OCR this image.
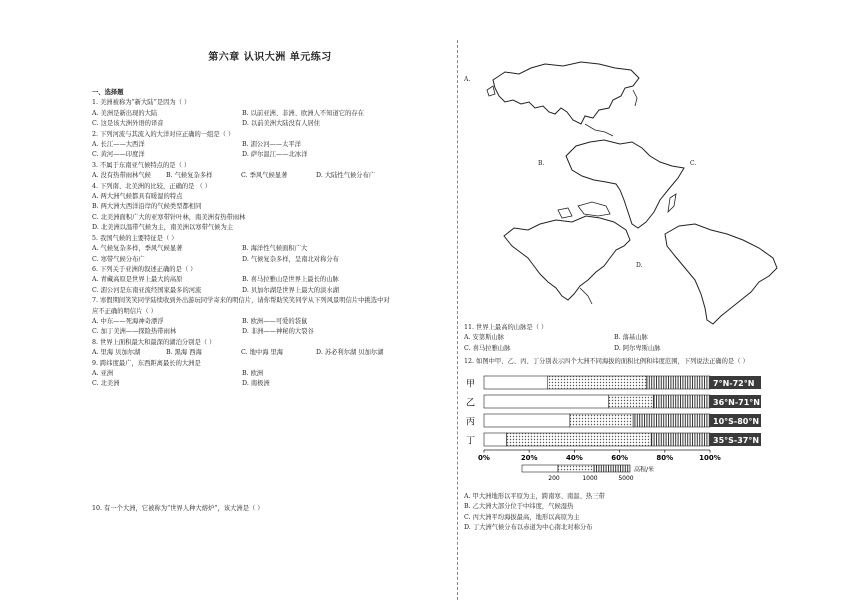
第六章 认识大洲 单元练习
一、选择题
1. 美洲被称为“新大陆”是因为（ ）
A. 美洲是新出现的大陆	B. 以前亚洲、非洲、欧洲人不知道它的存在
C. 这是该大洲外语的译音	D. 以前美洲大陆没有人居住
2. 下列河流与其流入的大洋对应正确的一组是（ ）
A. 长江——大西洋	B. 湄公河——太平洋
C. 黄河——印度洋	D. 萨尔温江——北冰洋
3. 不属于东南亚气候特点的是（ ）
A. 没有热带雨林气候	B. 气候复杂多样	C. 季风气候显著	D. 大陆性气候分布广
4. 下列南、北美洲的比较，正确的是 （ ）
A. 两大洲气候都具有暖湿的特点
B. 两大洲大西洋沿岸的气候类型都相同
C. 北美洲面积广大的亚寒带针叶林，南美洲有热带雨林
D. 北美洲以温带气候为主，南美洲以寒带气候为主
5. 我国气候的主要特征是（ ）
A. 气候复杂多样，季风气候显著	B. 海洋性气候面积广大
C. 寒带气候分布广	D. 气候复杂多样，呈南北对称分布
6. 下列关于亚洲的叙述正确的是（ ）
A. 青藏高原是世界上最大的高原	B. 喜马拉雅山是世界上最长的山脉
C. 湄公河是东南亚流经国家最多的河流	D. 贝加尔湖是世界上最大的淡水湖
7. 寒假期间笑笑同学陆续收到外出游玩同学寄来的明信片，请你帮助笑笑同学从下列风景明信片中挑选中对
应不正确的明信片（ ）
A. 中东——死海神奇漂浮	B. 欧洲——可爱的袋鼠
C. 加丁美洲——探险热带雨林	D. 非洲——神秘的大裂谷
8. 世界上面积最大和最深的湖泊分别是（ ）
A. 里海 贝加尔湖	B. 黑海 西海	C. 地中海 里海	D. 苏必利尔湖 贝加尔湖
9. 跨纬度最广，东西距离最长的大洲是
A. 亚洲	B. 欧洲
C. 北美洲	D. 南极洲
10. 有一个大洲，它被称为“世界人种大熔炉”，该大洲是（ ）
A.
B.	C.
D.
11. 世界上最高的山脉是（ ）
A. 安第斯山脉	B. 落基山脉
C. 喜马拉雅山脉	D. 阿尔卑斯山脉
12. 如图中甲、乙、丙、丁分别表示四个大洲不同海拔的面积比例和纬度范围，下列说法正确的是（ ）
甲	7°N-72°N
乙	36°N-71°N
丙	10°S-80°N
丁	35°S-37°N
0%	20%	40%	60%	80%	100%
200	1000	5000
高程/米
A. 甲大洲地形以平原为主，跨南寒、南温、热三带
B. 乙大洲大部分位于中纬度，气候湿热
C. 丙大洲平均海拔最高，地形以高原为主
D. 丁大洲气候分布以赤道为中心南北对称分布
